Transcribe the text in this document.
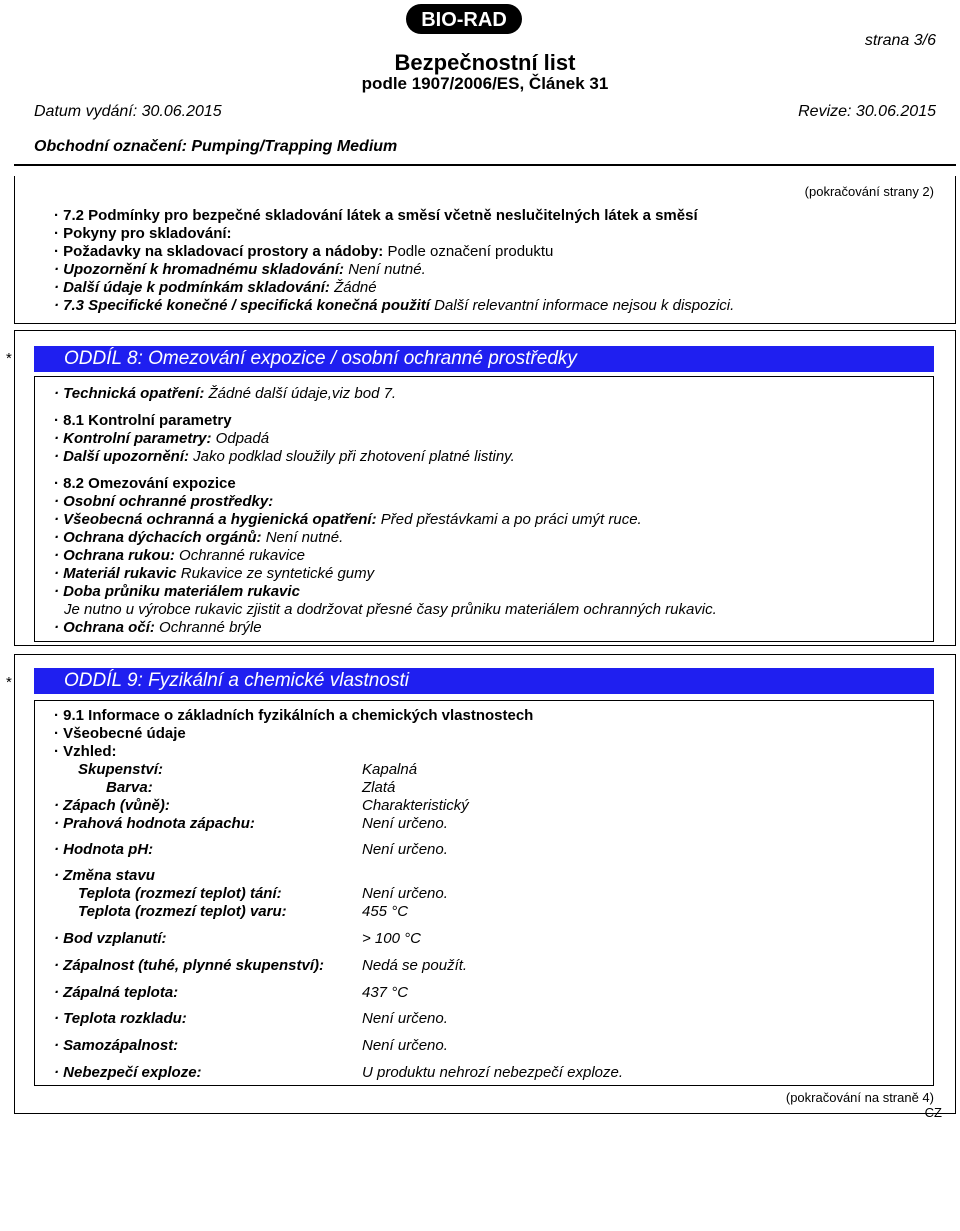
BIO-RAD
Bezpečnostní list
podle 1907/2006/ES, Článek 31
strana 3/6
Datum vydání: 30.06.2015	Revize: 30.06.2015
Obchodní označení: Pumping/Trapping Medium
(pokračování strany 2)
· 7.2 Podmínky pro bezpečné skladování látek a směsí včetně neslučitelných látek a směsí
· Pokyny pro skladování:
· Požadavky na skladovací prostory a nádoby: Podle označení produktu
· Upozornění k hromadnému skladování: Není nutné.
· Další údaje k podmínkám skladování: Žádné
· 7.3 Specifické konečné / specifická konečná použití Další relevantní informace nejsou k dispozici.
*	ODDÍL 8: Omezování expozice / osobní ochranné prostředky
· Technická opatření: Žádné další údaje,viz bod 7.
· 8.1 Kontrolní parametry
· Kontrolní parametry: Odpadá
· Další upozornění: Jako podklad sloužily při zhotovení platné listiny.
· 8.2 Omezování expozice
· Osobní ochranné prostředky:
· Všeobecná ochranná a hygienická opatření: Před přestávkami a po práci umýt ruce.
· Ochrana dýchacích orgánů: Není nutné.
· Ochrana rukou: Ochranné rukavice
· Materiál rukavic Rukavice ze syntetické gumy
· Doba průniku materiálem rukavic
Je nutno u výrobce rukavic zjistit a dodržovat přesné časy průniku materiálem ochranných rukavic.
· Ochrana očí: Ochranné brýle
*	ODDÍL 9: Fyzikální a chemické vlastnosti
· 9.1 Informace o základních fyzikálních a chemických vlastnostech
· Všeobecné údaje
· Vzhled:
Skupenství:	Kapalná
Barva:	Zlatá
· Zápach (vůně):	Charakteristický
· Prahová hodnota zápachu:	Není určeno.
· Hodnota pH:	Není určeno.
· Změna stavu
Teplota (rozmezí teplot) tání:	Není určeno.
Teplota (rozmezí teplot) varu:	455 °C
· Bod vzplanutí:	> 100 °C
· Zápalnost (tuhé, plynné skupenství):	Nedá se použít.
· Zápalná teplota:	437 °C
· Teplota rozkladu:	Není určeno.
· Samozápalnost:	Není určeno.
· Nebezpečí exploze:	U produktu nehrozí nebezpečí exploze.
(pokračování na straně 4)
CZ
